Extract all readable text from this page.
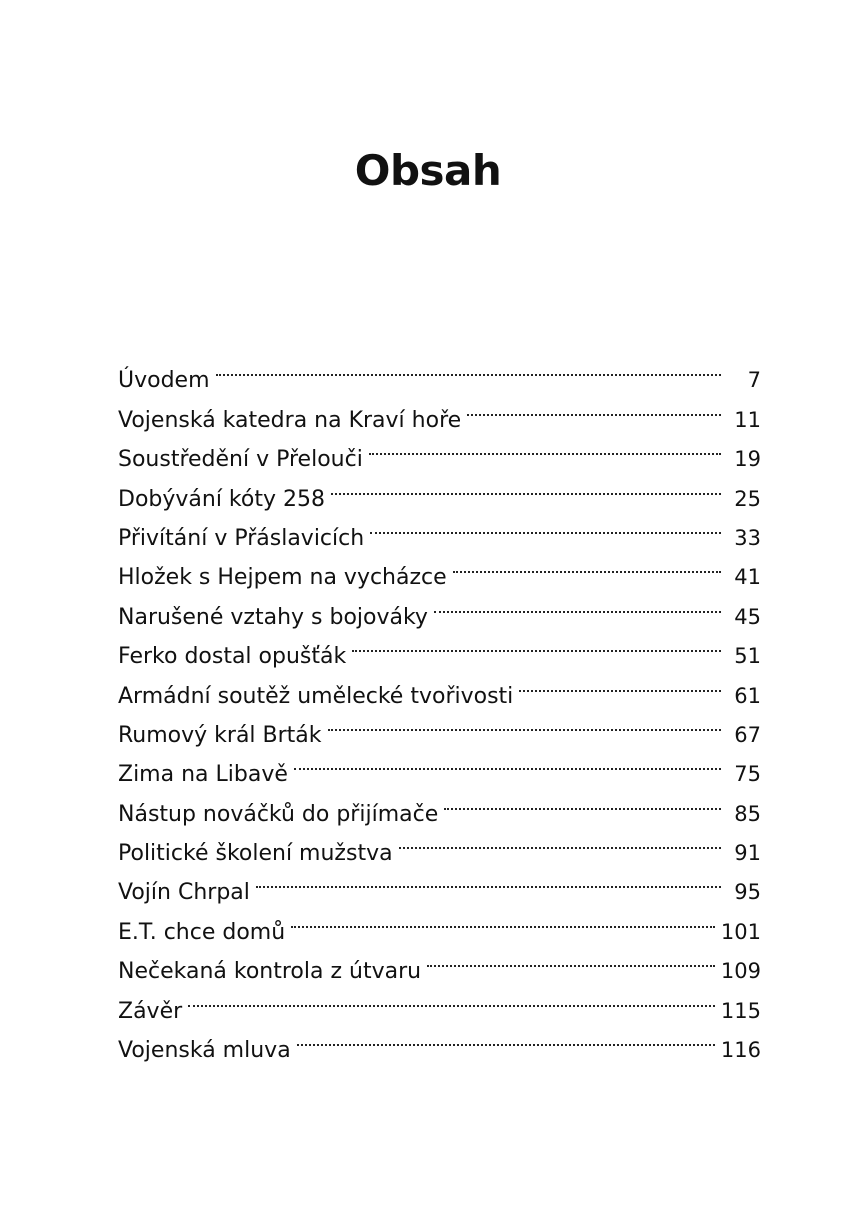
Obsah
Úvodem	7
Vojenská katedra na Kraví hoře	11
Soustředění v Přelouči	19
Dobývání kóty 258	25
Přivítání v Přáslavicích	33
Hložek s Hejpem na vycházce	41
Narušené vztahy s bojováky	45
Ferko dostal opušťák	51
Armádní soutěž umělecké tvořivosti	61
Rumový král Brták	67
Zima na Libavě	75
Nástup nováčků do přijímače	85
Politické školení mužstva	91
Vojín Chrpal	95
E.T. chce domů	101
Nečekaná kontrola z útvaru	109
Závěr	115
Vojenská mluva	116
